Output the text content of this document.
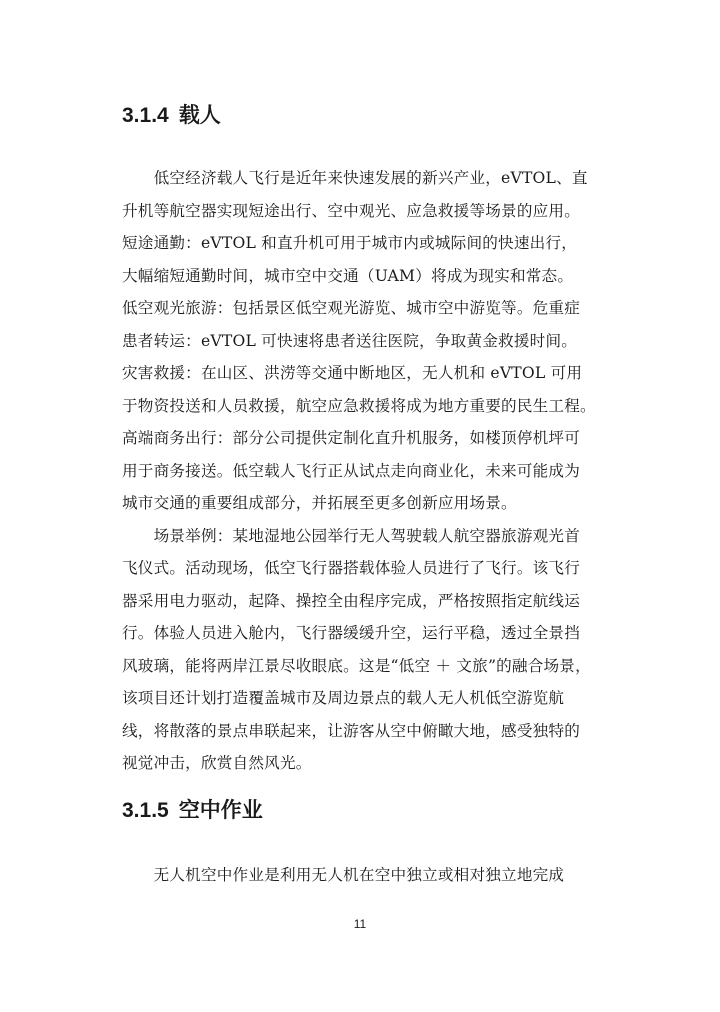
3.1.4 载人

　　低空经济载人飞行是近年来快速发展的新兴产业，eVTOL、直

升机等航空器实现短途出行、空中观光、应急救援等场景的应用。

短途通勤：eVTOL 和直升机可用于城市内或城际间的快速出行，

大幅缩短通勤时间，城市空中交通（UAM）将成为现实和常态。

低空观光旅游：包括景区低空观光游览、城市空中游览等。危重症

患者转运：eVTOL 可快速将患者送往医院，争取黄金救援时间。

灾害救援：在山区、洪涝等交通中断地区，无人机和 eVTOL 可用

于物资投送和人员救援，航空应急救援将成为地方重要的民生工程。

高端商务出行：部分公司提供定制化直升机服务，如楼顶停机坪可

用于商务接送。低空载人飞行正从试点走向商业化，未来可能成为

城市交通的重要组成部分，并拓展至更多创新应用场景。

　　场景举例：某地湿地公园举行无人驾驶载人航空器旅游观光首

飞仪式。活动现场，低空飞行器搭载体验人员进行了飞行。该飞行

器采用电力驱动，起降、操控全由程序完成，严格按照指定航线运

行。体验人员进入舱内，飞行器缓缓升空，运行平稳，透过全景挡

风玻璃，能将两岸江景尽收眼底。这是“低空 ＋ 文旅”的融合场景，

该项目还计划打造覆盖城市及周边景点的载人无人机低空游览航

线，将散落的景点串联起来，让游客从空中俯瞰大地，感受独特的

视觉冲击，欣赏自然风光。

3.1.5 空中作业

　　无人机空中作业是利用无人机在空中独立或相对独立地完成

11
